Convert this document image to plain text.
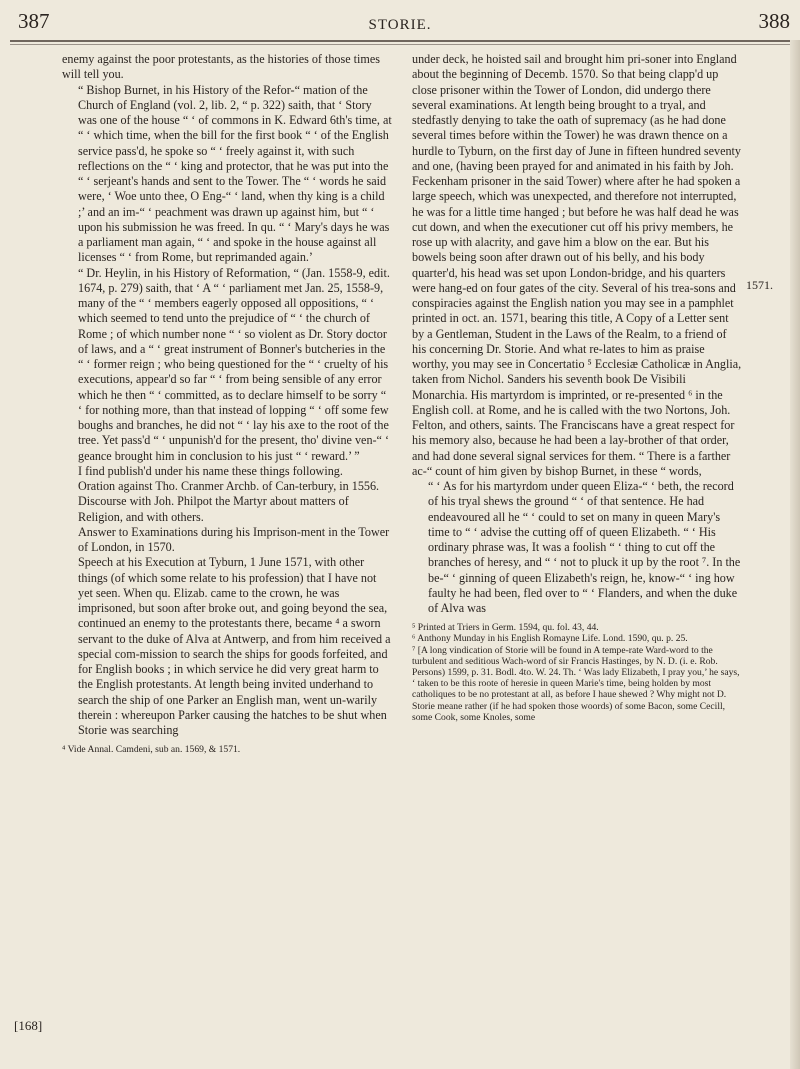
387	STORIE.	388

enemy against the poor protestants, as the histories of those times will tell you.

“ Bishop Burnet, in his History of the Refor-“ mation of the Church of England (vol. 2, lib. 2, “ p. 322) saith, that ‘ Story was one of the house “ ‘ of commons in K. Edward 6th's time, at “ ‘ which time, when the bill for the first book “ ‘ of the English service pass'd, he spoke so “ ‘ freely against it, with such reflections on the “ ‘ king and protector, that he was put into the “ ‘ serjeant's hands and sent to the Tower. The “ ‘ words he said were, ‘ Woe unto thee, O Eng-“ ‘ land, when thy king is a child ;’ and an im-“ ‘ peachment was drawn up against him, but “ ‘ upon his submission he was freed. In qu. “ ‘ Mary's days he was a parliament man again, “ ‘ and spoke in the house against all licenses “ ‘ from Rome, but reprimanded again.’

“ Dr. Heylin, in his History of Reformation, “ (Jan. 1558-9, edit. 1674, p. 279) saith, that ‘ A “ ‘ parliament met Jan. 25, 1558-9, many of the “ ‘ members eagerly opposed all oppositions, “ ‘ which seemed to tend unto the prejudice of “ ‘ the church of Rome ; of which number none “ ‘ so violent as Dr. Story doctor of laws, and a “ ‘ great instrument of Bonner's butcheries in the “ ‘ former reign ; who being questioned for the “ ‘ cruelty of his executions, appear'd so far “ ‘ from being sensible of any error which he then “ ‘ committed, as to declare himself to be sorry “ ‘ for nothing more, than that instead of lopping “ ‘ off some few boughs and branches, he did not “ ‘ lay his axe to the root of the tree. Yet pass'd “ ‘ unpunish'd for the present, tho' divine ven-“ ‘ geance brought him in conclusion to his just “ ‘ reward.’ ”

I find publish'd under his name these things following.

Oration against Tho. Cranmer Archb. of Can-terbury, in 1556.

Discourse with Joh. Philpot the Martyr about matters of Religion, and with others.

Answer to Examinations during his Imprison-ment in the Tower of London, in 1570.

Speech at his Execution at Tyburn, 1 June 1571, with other things (of which some relate to his profession) that I have not yet seen. When qu. Elizab. came to the crown, he was imprisoned, but soon after broke out, and going beyond the sea, continued an enemy to the protestants there, became ⁴ a sworn servant to the duke of Alva at Antwerp, and from him received a special com-mission to search the ships for goods forfeited, and for English books ; in which service he did very great harm to the English protestants. At length being invited underhand to search the ship of one Parker an English man, went un-warily therein : whereupon Parker causing the hatches to be shut when Storie was searching

⁴ Vide Annal. Camdeni, sub an. 1569, & 1571.

under deck, he hoisted sail and brought him pri-soner into England about the beginning of Decemb. 1570. So that being clapp'd up close prisoner within the Tower of London, did undergo there several examinations. At length being brought to a tryal, and stedfastly denying to take the oath of supremacy (as he had done several times before within the Tower) he was drawn thence on a hurdle to Tyburn, on the first day of June in fifteen hundred seventy and one, (having been prayed for and animated in his faith by Joh. Feckenham prisoner in the said Tower) where after he had spoken a large speech, which was unexpected, and therefore not interrupted, he was for a little time hanged ; but before he was half dead he was cut down, and when the executioner cut off his privy members, he rose up with alacrity, and gave him a blow on the ear. But his bowels being soon after drawn out of his belly, and his body quarter'd, his head was set upon London-bridge, and his quarters were hang-ed on four gates of the city. Several of his trea-sons and conspiracies against the English nation you may see in a pamphlet printed in oct. an. 1571, bearing this title, A Copy of a Letter sent by a Gentleman, Student in the Laws of the Realm, to a friend of his concerning Dr. Storie. And what re-lates to him as praise worthy, you may see in Concertatio ⁵ Ecclesiæ Catholicæ in Anglia, taken from Nichol. Sanders his seventh book De Visibili Monarchia. His martyrdom is imprinted, or re-presented ⁶ in the English coll. at Rome, and he is called with the two Nortons, Joh. Felton, and others, saints. The Franciscans have a great respect for his memory also, because he had been a lay-brother of that order, and had done several signal services for them. “ There is a farther ac-“ count of him given by bishop Burnet, in these “ words,

“ ‘ As for his martyrdom under queen Eliza-“ ‘ beth, the record of his tryal shews the ground “ ‘ of that sentence. He had endeavoured all he “ ‘ could to set on many in queen Mary's time to “ ‘ advise the cutting off of queen Elizabeth. “ ‘ His ordinary phrase was, It was a foolish “ ‘ thing to cut off the branches of heresy, and “ ‘ not to pluck it up by the root ⁷. In the be-“ ‘ ginning of queen Elizabeth's reign, he, know-“ ‘ ing how faulty he had been, fled over to “ ‘ Flanders, and when the duke of Alva was

⁵ Printed at Triers in Germ. 1594, qu. fol. 43, 44.

⁶ Anthony Munday in his English Romayne Life. Lond. 1590, qu. p. 25.

⁷ [A long vindication of Storie will be found in A tempe-rate Ward-word to the turbulent and seditious Wach-word of sir Francis Hastinges, by N. D. (i. e. Rob. Persons) 1599, p. 31. Bodl. 4to. W. 24. Th. ‘ Was lady Elizabeth, I pray you,’ he says, ‘ taken to be this roote of heresie in queen Marie's time, being holden by most catholiques to be no protestant at all, as before I haue shewed ? Why might not D. Storie meane rather (if he had spoken those woords) of some Bacon, some Cecill, some Cook, some Knoles, some

[168]
1571.
